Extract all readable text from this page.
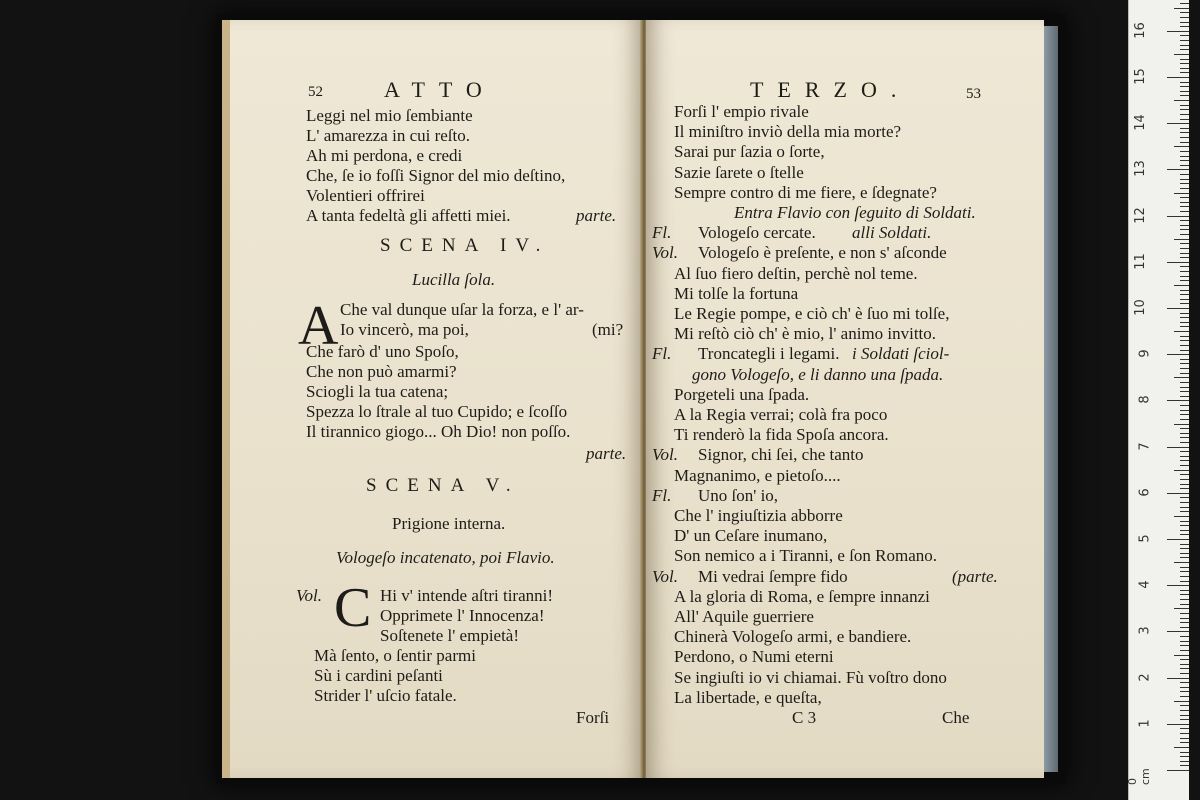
52	ATTO
Leggi nel mio ſembiante
L' amarezza in cui reſto.
Ah mi perdona, e credi
Che, ſe io foſſi Signor del mio deſtino,
Volentieri offrirei
A tanta fedeltà gli affetti miei.	parte.
SCENA IV.
Lucilla ſola.
A Che val dunque uſar la forza, e l' ar-
Io vincerò, ma poi,	(mi?
Che farò d' uno Spoſo,
Che non può amarmi?
Sciogli la tua catena;
Spezza lo ſtrale al tuo Cupido; e ſcoſſo
Il tirannico giogo... Oh Dio! non poſſo.
parte.
SCENA V.
Prigione interna.
Vologeſo incatenato, poi Flavio.
Vol. C Hi v' intende aſtri tiranni!
Opprimete l' Innocenza!
Soſtenete l' empietà!
Mà ſento, o ſentir parmi
Sù i cardini peſanti
Strider l' uſcio fatale.
Forſi
TERZO.	53
Forſi l' empio rivale
Il miniſtro inviò della mia morte?
Sarai pur ſazia o ſorte,
Sazie ſarete o ſtelle
Sempre contro di me fiere, e ſdegnate?
Entra Flavio con ſeguito di Soldati.
Fl. Vologeſo cercate. alli Soldati.
Vol. Vologeſo è preſente, e non s' aſconde
Al ſuo fiero deſtin, perchè nol teme.
Mi tolſe la fortuna
Le Regie pompe, e ciò ch' è ſuo mi tolſe,
Mi reſtò ciò ch' è mio, l' animo invitto.
Fl. Troncategli i legami. i Soldati ſciol-
gono Vologeſo, e li danno una ſpada.
Porgeteli una ſpada.
A la Regia verrai; colà fra poco
Ti renderò la fida Spoſa ancora.
Vol. Signor, chi ſei, che tanto
Magnanimo, e pietoſo....
Fl. Uno ſon' io,
Che l' ingiuſtizia abborre
D' un Ceſare inumano,
Son nemico a i Tiranni, e ſon Romano.
Vol. Mi vedrai ſempre fido	(parte.
A la gloria di Roma, e ſempre innanzi
All' Aquile guerriere
Chinerà Vologeſo armi, e bandiere.
Perdono, o Numi eterni
Se ingiuſti io vi chiamai. Fù voſtro dono
La libertade, e queſta,
C 3	Che
0 cm
1
2
3
4
5
6
7
8
9
10
11
12
13
14
15
16
